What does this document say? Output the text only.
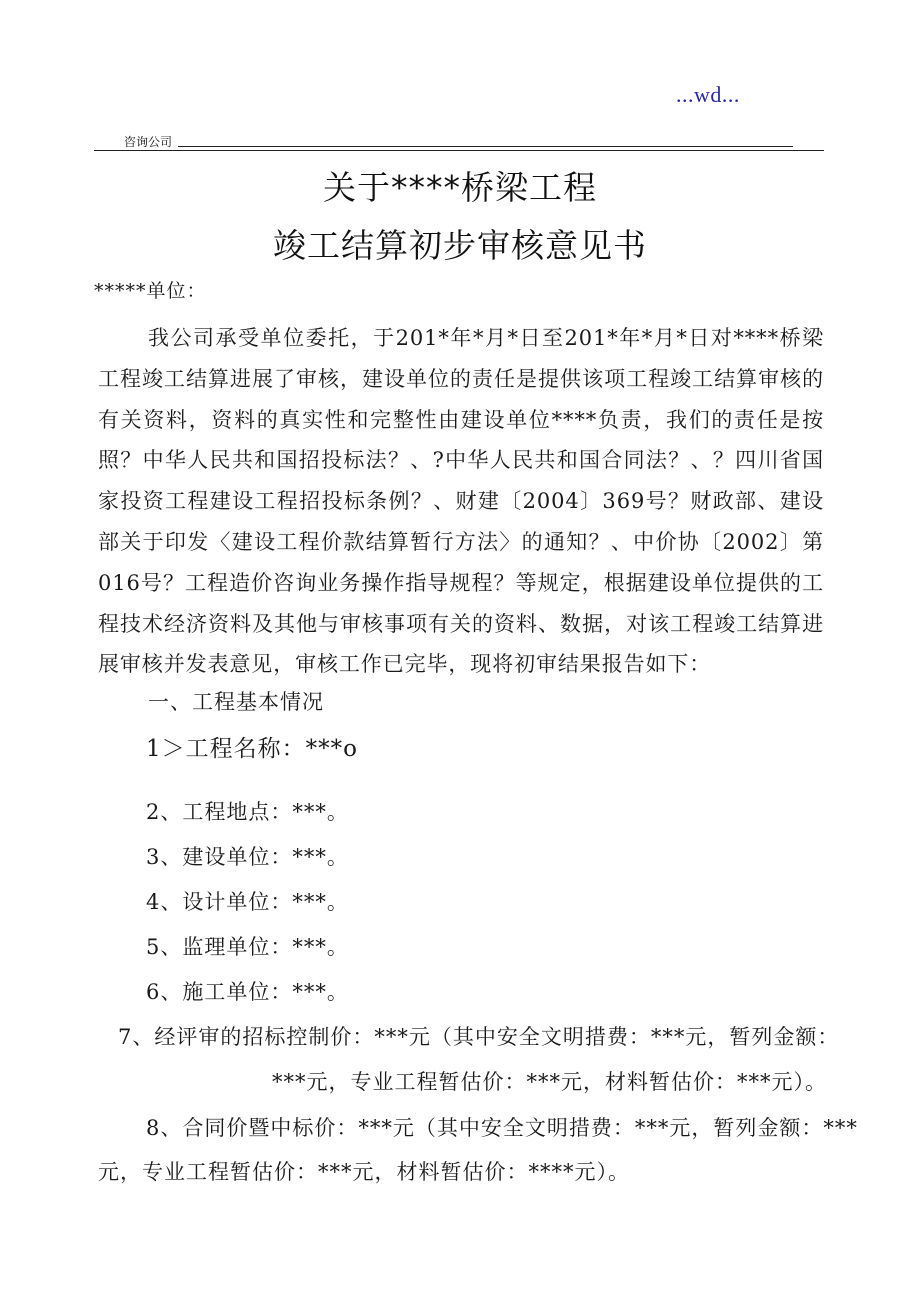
...wd...
咨询公司
关于****桥梁工程
竣工结算初步审核意见书
*****单位：
我公司承受单位委托，于201*年*月*日至201*年*月*日对****桥梁工程竣工结算进展了审核，建设单位的责任是提供该项工程竣工结算审核的有关资料，资料的真实性和完整性由建设单位****负责，我们的责任是按照？中华人民共和国招投标法？、?中华人民共和国合同法？、？四川省国家投资工程建设工程招投标条例？、财建〔2004〕369号？财政部、建设部关于印发〈建设工程价款结算暂行方法〉的通知？、中价协〔2002〕第016号？工程造价咨询业务操作指导规程？等规定，根据建设单位提供的工程技术经济资料及其他与审核事项有关的资料、数据，对该工程竣工结算进展审核并发表意见，审核工作已完毕，现将初审结果报告如下：
一、工程基本情况
1＞工程名称：***o
2、工程地点：***。
3、建设单位：***。
4、设计单位：***。
5、监理单位：***。
6、施工单位：***。
7、经评审的招标控制价：***元（其中安全文明措费：***元，暂列金额：
***元，专业工程暂估价：***元，材料暂估价：***元）。
8、合同价暨中标价：***元（其中安全文明措费：***元，暂列金额：***
元，专业工程暂估价：***元，材料暂估价：****元）。
